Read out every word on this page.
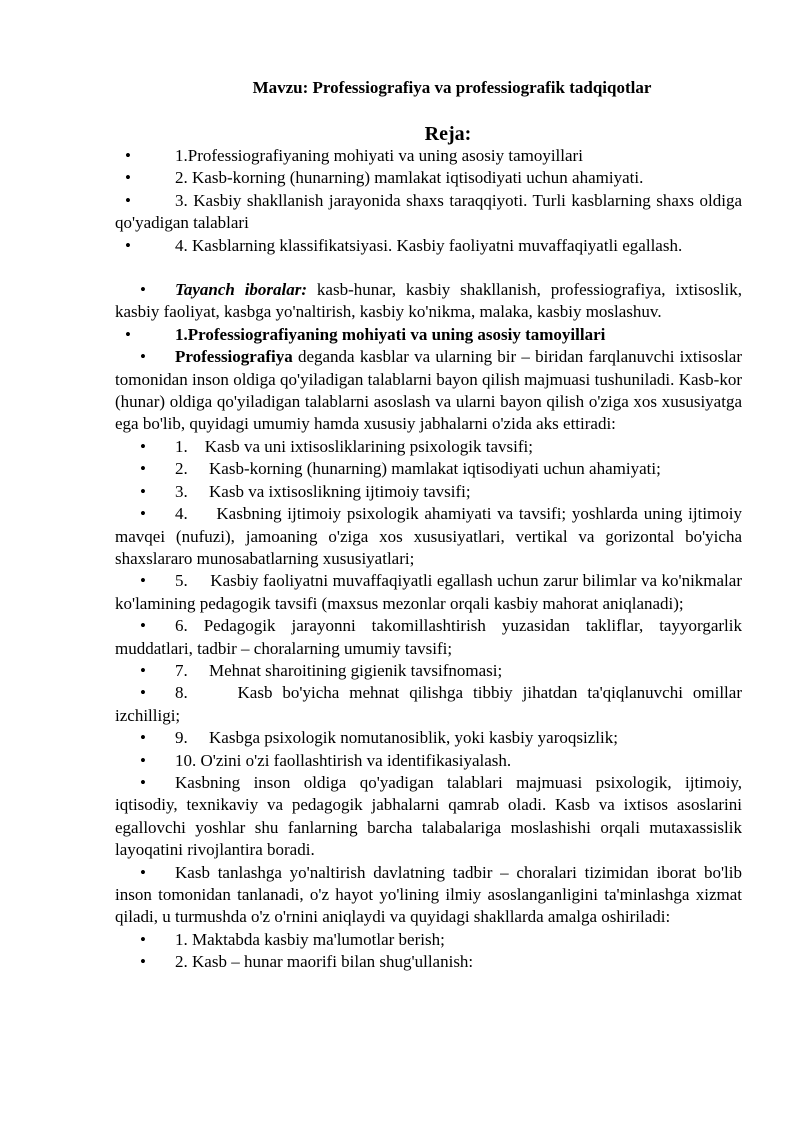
Mavzu: Professiografiya va professiografik tadqiqotlar
Reja:

•	1.Professiografiyaning mohiyati va uning asosiy tamoyillari

•	2. Kasb-korning (hunarning) mamlakat iqtisodiyati uchun ahamiyati.

•	3. Kasbiy shakllanish jarayonida shaxs taraqqiyoti. Turli kasblarning shaxs oldiga qo'yadigan talablari

•	4. Kasblarning klassifikatsiyasi. Kasbiy faoliyatni muvaffaqiyatli egallash.

•	Tayanch iboralar: kasb-hunar, kasbiy shakllanish, professiografiya, ixtisoslik, kasbiy faoliyat, kasbga yo'naltirish, kasbiy ko'nikma, malaka, kasbiy moslashuv.

•	1.Professiografiyaning mohiyati va uning asosiy tamoyillari

•	Professiografiya deganda kasblar va ularning bir – biridan farqlanuvchi ixtisoslar tomonidan inson oldiga qo'yiladigan talablarni bayon qilish majmuasi tushuniladi. Kasb-kor (hunar) oldiga qo'yiladigan talablarni asoslash va ularni bayon qilish o'ziga xos xususiyatga ega bo'lib, quyidagi umumiy hamda xususiy jabhalarni o'zida aks ettiradi:

•	1.    Kasb va uni ixtisosliklarining psixologik tavsifi;

•	2.     Kasb-korning (hunarning) mamlakat iqtisodiyati uchun ahamiyati;

•	3.     Kasb va ixtisoslikning ijtimoiy tavsifi;

•	4.     Kasbning ijtimoiy psixologik ahamiyati va tavsifi; yoshlarda uning ijtimoiy mavqei (nufuzi), jamoaning o'ziga xos xususiyatlari, vertikal va gorizontal bo'yicha shaxslararo munosabatlarning xususiyatlari;

•	5.     Kasbiy faoliyatni muvaffaqiyatli egallash uchun zarur bilimlar va ko'nikmalar ko'lamining pedagogik tavsifi (maxsus mezonlar orqali kasbiy mahorat aniqlanadi);

•	6. Pedagogik jarayonni takomillashtirish yuzasidan takliflar, tayyorgarlik muddatlari, tadbir – choralarning umumiy tavsifi;

•	7.     Mehnat sharoitining gigienik tavsifnomasi;

•	8.     Kasb bo'yicha mehnat qilishga tibbiy jihatdan ta'qiqlanuvchi omillar izchilligi;

•	9.     Kasbga psixologik nomutanosiblik, yoki kasbiy yaroqsizlik;

•	10. O'zini o'zi faollashtirish va identifikasiyalash.

•	Kasbning inson oldiga qo'yadigan talablari majmuasi psixologik, ijtimoiy, iqtisodiy, texnikaviy va pedagogik jabhalarni qamrab oladi. Kasb va ixtisos asoslarini egallovchi yoshlar shu fanlarning barcha talabalariga moslashishi orqali mutaxassislik layoqatini rivojlantira boradi.

•	Kasb tanlashga yo'naltirish davlatning tadbir – choralari tizimidan iborat bo'lib inson tomonidan tanlanadi, o'z hayot yo'lining ilmiy asoslanganligini ta'minlashga xizmat qiladi, u turmushda o'z o'rnini aniqlaydi va quyidagi shakllarda amalga oshiriladi:

•	1. Maktabda kasbiy ma'lumotlar berish;

•	2. Kasb – hunar maorifi bilan shug'ullanish:
